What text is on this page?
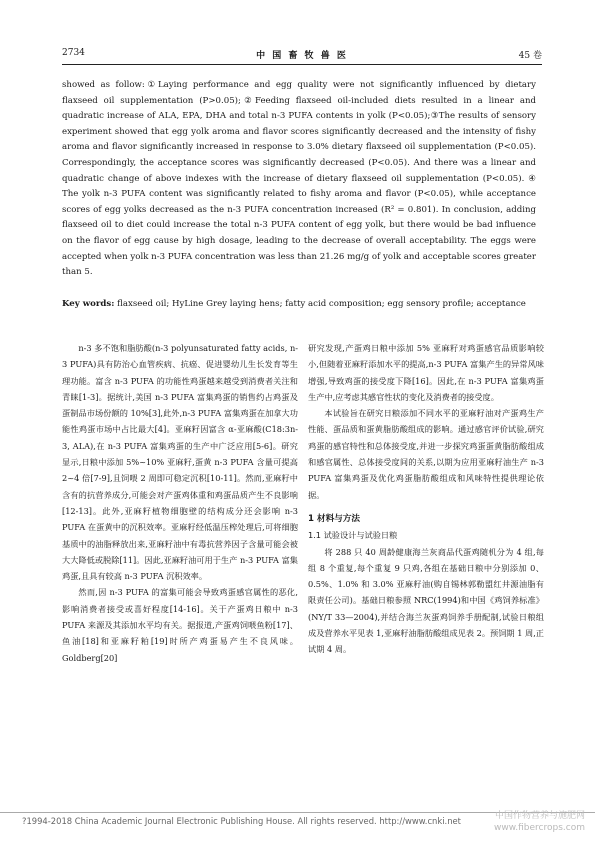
2734	中 国 畜 牧 兽 医	45 卷

showed as follow:①Laying performance and egg quality were not significantly influenced by dietary flaxseed oil supplementation (P>0.05);②Feeding flaxseed oil-included diets resulted in a linear and quadratic increase of ALA, EPA, DHA and total n-3 PUFA contents in yolk (P<0.05);③The results of sensory experiment showed that egg yolk aroma and flavor scores significantly decreased and the intensity of fishy aroma and flavor significantly increased in response to 3.0% dietary flaxseed oil supplementation (P<0.05). Correspondingly, the acceptance scores was significantly decreased (P<0.05). And there was a linear and quadratic change of above indexes with the increase of dietary flaxseed oil supplementation (P<0.05). ④ The yolk n-3 PUFA content was significantly related to fishy aroma and flavor (P<0.05), while acceptance scores of egg yolks decreased as the n-3 PUFA concentration increased (R² = 0.801). In conclusion, adding flaxseed oil to diet could increase the total n-3 PUFA content of egg yolk, but there would be bad influence on the flavor of egg cause by high dosage, leading to the decrease of overall acceptability. The eggs were accepted when yolk n-3 PUFA concentration was less than 21.26 mg/g of yolk and acceptable scores greater than 5.

Key words: flaxseed oil; HyLine Grey laying hens; fatty acid composition; egg sensory profile; acceptance

n-3 多不饱和脂肪酸(n-3 polyunsaturated fatty acids, n-3 PUFA)具有防治心血管疾病、抗癌、促进婴幼儿生长发育等生理功能。富含 n-3 PUFA 的功能性鸡蛋越来越受到消费者关注和青睐[1-3]。据统计,美国 n-3 PUFA 富集鸡蛋的销售约占鸡蛋及蛋制品市场份额的 10%[3],此外,n-3 PUFA 富集鸡蛋在加拿大功能性鸡蛋市场中占比最大[4]。亚麻籽因富含 α-亚麻酸(C18:3n-3, ALA),在 n-3 PUFA 富集鸡蛋的生产中广泛应用[5-6]。研究显示,日粮中添加 5%~10% 亚麻籽,蛋黄 n-3 PUFA 含量可提高 2~4 倍[7-9],且饲喂 2 周即可稳定沉积[10-11]。然而,亚麻籽中含有的抗营养成分,可能会对产蛋鸡体重和鸡蛋品质产生不良影响[12-13]。此外,亚麻籽植物细胞壁的结构成分还会影响 n-3 PUFA 在蛋黄中的沉积效率。亚麻籽经低温压榨处理后,可将细胞基质中的油脂释放出来,亚麻籽油中有毒抗营养因子含量可能会被大大降低或脱除[11]。因此,亚麻籽油可用于生产 n-3 PUFA 富集鸡蛋,且具有较高 n-3 PUFA 沉积效率。

然而,因 n-3 PUFA 的富集可能会导致鸡蛋感官属性的恶化,影响消费者接受或喜好程度[14-16]。关于产蛋鸡日粮中 n-3 PUFA 来源及其添加水平均有关。据报道,产蛋鸡饲喂鱼粉[17]、鱼油[18]和亚麻籽粕[19]时所产鸡蛋易产生不良风味。Goldberg[20]

研究发现,产蛋鸡日粮中添加 5% 亚麻籽对鸡蛋感官品质影响较小,但随着亚麻籽添加水平的提高,n-3 PUFA 富集产生的异常风味增强,导致鸡蛋的接受度下降[16]。因此,在 n-3 PUFA 富集鸡蛋生产中,应考虑其感官性状的变化及消费者的接受度。

本试验旨在研究日粮添加不同水平的亚麻籽油对产蛋鸡生产性能、蛋品质和蛋黄脂肪酸组成的影响。通过感官评价试验,研究鸡蛋的感官特性和总体接受度,并进一步探究鸡蛋蛋黄脂肪酸组成和感官属性、总体接受度间的关系,以期为应用亚麻籽油生产 n-3 PUFA 富集鸡蛋及优化鸡蛋脂肪酸组成和风味特性提供理论依据。

1 材料与方法

1.1 试验设计与试验日粮

将 288 只 40 周龄健康海兰灰商品代蛋鸡随机分为 4 组,每组 8 个重复,每个重复 9 只鸡,各组在基础日粮中分别添加 0、0.5%、1.0% 和 3.0% 亚麻籽油(购自锡林郭勒盟红井源油脂有限责任公司)。基础日粮参照 NRC(1994)和中国《鸡饲养标准》(NY/T 33—2004),并结合海兰灰蛋鸡饲养手册配制,试验日粮组成及营养水平见表 1,亚麻籽油脂肪酸组成见表 2。预饲期 1 周,正试期 4 周。

?1994-2018 China Academic Journal Electronic Publishing House. All rights reserved. http://www.cnki.net	中国作物营养与施肥网
www.fibercrops.com
